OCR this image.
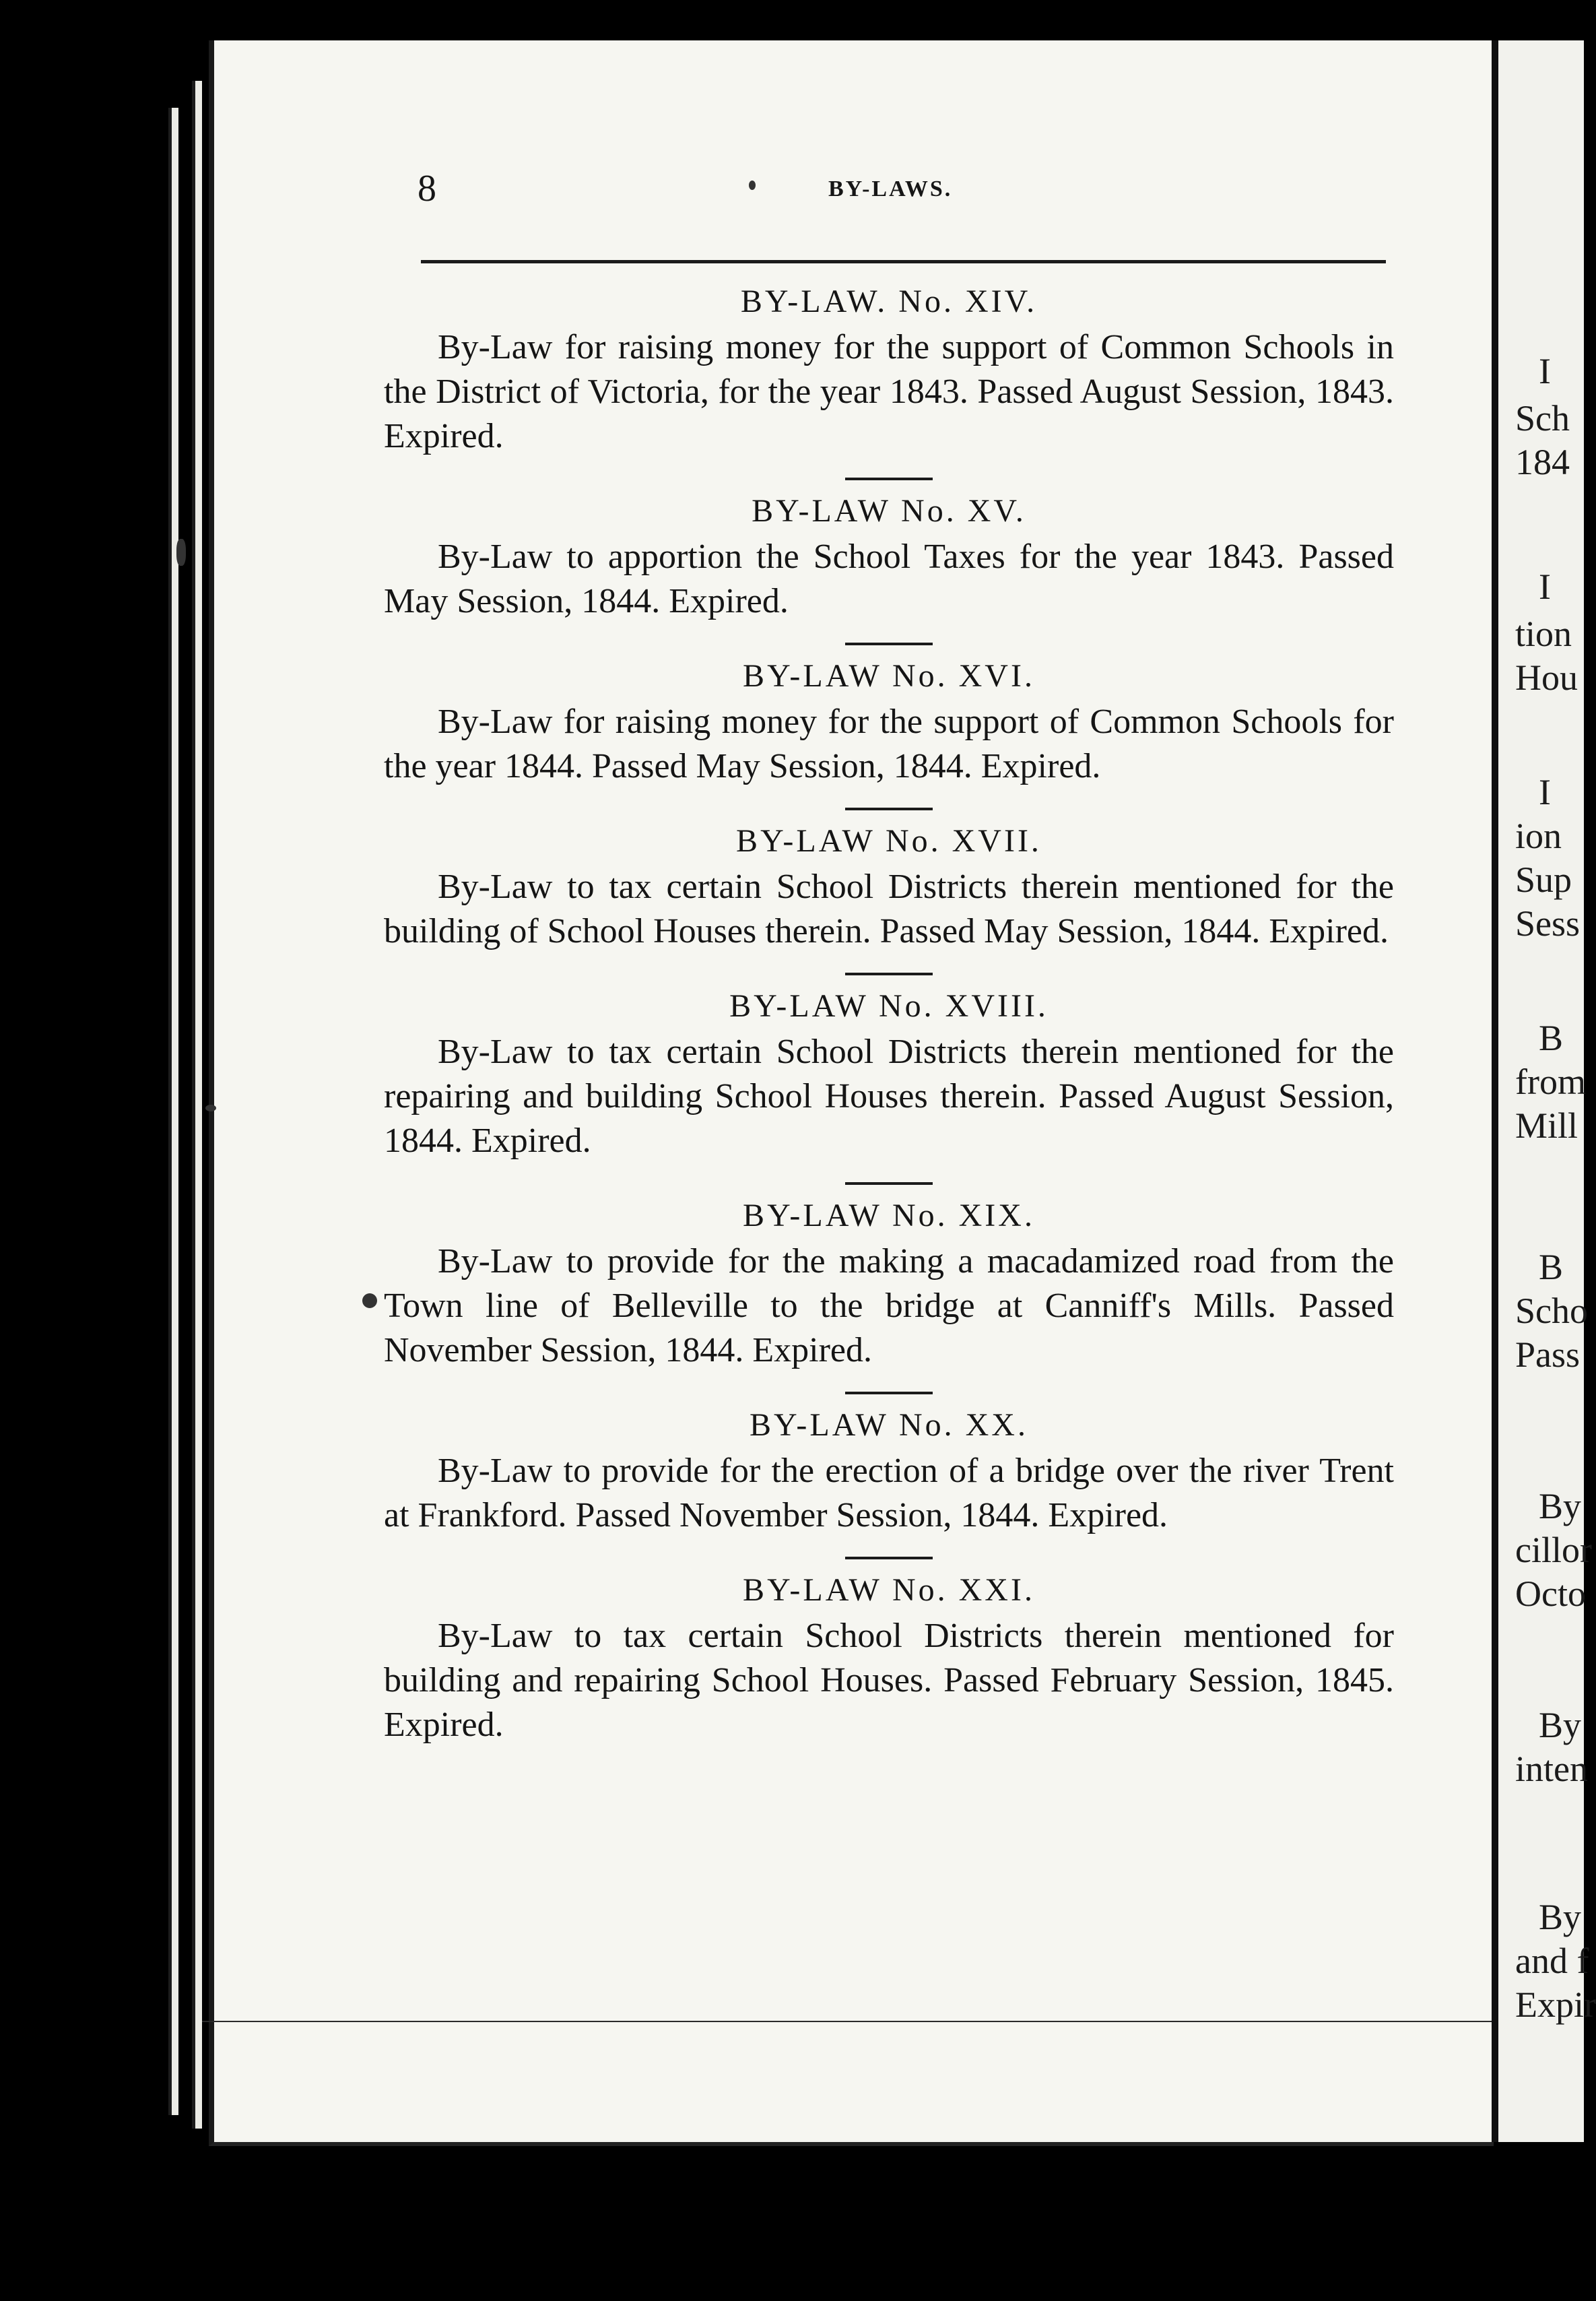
8	BY-LAWS.
BY-LAW. No. XIV.
By-Law for raising money for the support of Common Schools in the District of Victoria, for the year 1843. Passed August Session, 1843. Expired.
BY-LAW No. XV.
By-Law to apportion the School Taxes for the year 1843. Passed May Session, 1844. Expired.
BY-LAW No. XVI.
By-Law for raising money for the support of Common Schools for the year 1844. Passed May Session, 1844. Expired.
BY-LAW No. XVII.
By-Law to tax certain School Districts therein mentioned for the building of School Houses therein. Passed May Session, 1844. Expired.
BY-LAW No. XVIII.
By-Law to tax certain School Districts therein mentioned for the repairing and building School Houses therein. Passed August Session, 1844. Expired.
BY-LAW No. XIX.
By-Law to provide for the making a macadamized road from the Town line of Belleville to the bridge at Canniff's Mills. Passed November Session, 1844. Expired.
BY-LAW No. XX.
By-Law to provide for the erection of a bridge over the river Trent at Frankford. Passed November Session, 1844. Expired.
BY-LAW No. XXI.
By-Law to tax certain School Districts therein mentioned for building and repairing School Houses. Passed February Session, 1845. Expired.
I
Sch
184
I
tion
Hou
I
ion
Sup
Sess
B
from
Mill
B
Scho
Pass
By
cillor
Octo
By
inten
By
and f
Expir
